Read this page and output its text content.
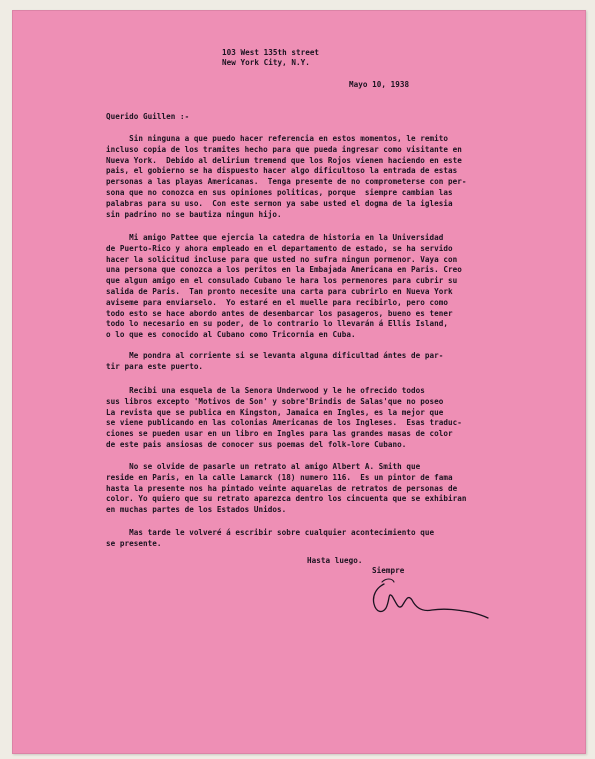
103 West 135th street

New York City, N.Y.

Mayo 10, 1938

Querido Guillen :-

Sin ninguna a que puedo hacer referencia en estos momentos, le remito
incluso copia de los tramites hecho para que pueda ingresar como visitante en
Nueva York.  Debido al delirium tremend que los Rojos vienen haciendo en este
pais, el gobierno se ha dispuesto hacer algo dificultoso la entrada de estas
personas a las playas Americanas.  Tenga presente de no comprometerse con per-
sona que no conozca en sus opiniones politicas, porque  siempre cambian las
palabras para su uso.  Con este sermon ya sabe usted el dogma de la iglesia
sin padrino no se bautiza ningun hijo.
Mi amigo Pattee que ejercia la catedra de historia en la Universidad
de Puerto-Rico y ahora empleado en el departamento de estado, se ha servido
hacer la solicitud incluse para que usted no sufra ningun pormenor. Vaya con
una persona que conozca a los peritos en la Embajada Americana en Paris. Creo
que algun amigo en el consulado Cubano le hara los permenores para cubrir su
salida de Paris.  Tan pronto necesite una carta para cubrirlo en Nueva York
aviseme para enviarselo.  Yo estaré en el muelle para recibirlo, pero como
todo esto se hace abordo antes de desembarcar los pasageros, bueno es tener
todo lo necesario en su poder, de lo contrario lo llevarán á Ellis Island,
o lo que es conocido al Cubano como Tricornia en Cuba.
Me pondra al corriente si se levanta alguna dificultad ántes de par-
tir para este puerto.
Recibi una esquela de la Senora Underwood y le he ofrecido todos
sus libros excepto 'Motivos de Son' y sobre'Brindis de Salas'que no poseo
La revista que se publica en Kingston, Jamaica en Ingles, es la mejor que
se viene publicando en las colonias Americanas de los Ingleses.  Esas traduc-
ciones se pueden usar en un libro en Ingles para las grandes masas de color
de este pais ansiosas de conocer sus poemas del folk-lore Cubano.
No se olvide de pasarle un retrato al amigo Albert A. Smith que
reside en Paris, en la calle Lamarck (18) numero 116.  Es un pintor de fama
hasta la presente nos ha pintado veinte aquarelas de retratos de personas de
color. Yo quiero que su retrato aparezca dentro los cincuenta que se exhibiran
en muchas partes de los Estados Unidos.
Mas tarde le volveré á escribir sobre cualquier acontecimiento que
se presente.

Hasta luego.

Siempre
